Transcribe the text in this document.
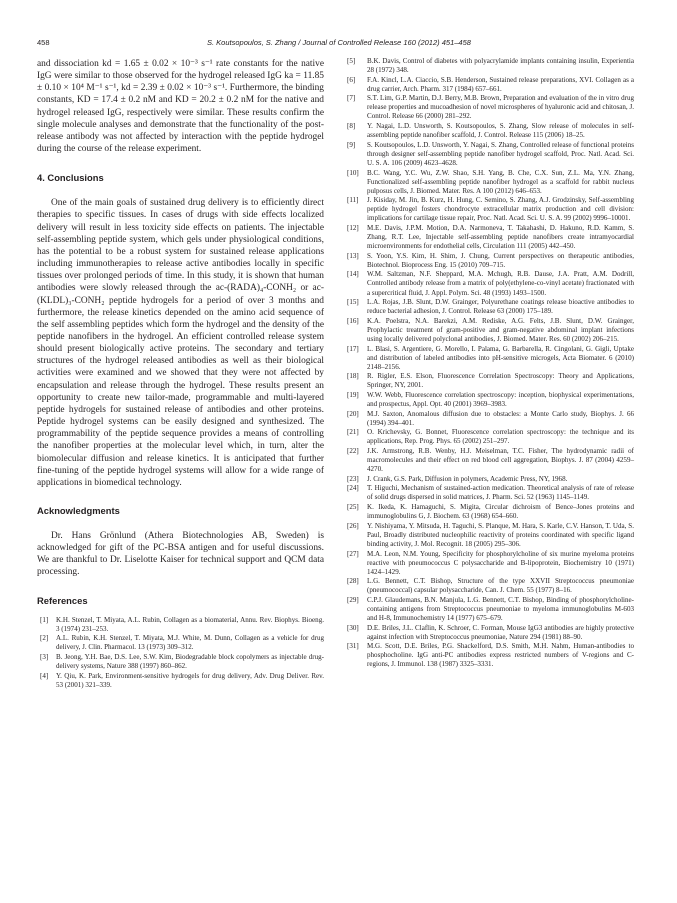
458	S. Koutsopoulos, S. Zhang / Journal of Controlled Release 160 (2012) 451–458

and dissociation kd = 1.65 ± 0.02 × 10⁻³ s⁻¹ rate constants for the native IgG were similar to those observed for the hydrogel released IgG ka = 11.85 ± 0.10 × 10⁴ M⁻¹ s⁻¹, kd = 2.39 ± 0.02 × 10⁻³ s⁻¹. Furthermore, the binding constants, KD = 17.4 ± 0.2 nM and KD = 20.2 ± 0.2 nM for the native and hydrogel released IgG, respectively were similar. These results confirm the single molecule analyses and demonstrate that the functionality of the post-release antibody was not affected by interaction with the peptide hydrogel during the course of the release experiment.

4. Conclusions

One of the main goals of sustained drug delivery is to efficiently direct therapies to specific tissues. In cases of drugs with side effects localized delivery will result in less toxicity side effects on patients. The injectable self-assembling peptide system, which gels under physiological conditions, has the potential to be a robust system for sustained release applications including immunotherapies to release active antibodies locally in specific tissues over prolonged periods of time. In this study, it is shown that human antibodies were slowly released through the ac-(RADA)₄-CONH₂ or ac-(KLDL)₃-CONH₂ peptide hydrogels for a period of over 3 months and furthermore, the release kinetics depended on the amino acid sequence of the self assembling peptides which form the hydrogel and the density of the peptide nanofibers in the hydrogel. An efficient controlled release system should present biologically active proteins. The secondary and tertiary structures of the hydrogel released antibodies as well as their biological activities were examined and we showed that they were not affected by encapsulation and release through the hydrogel. These results present an opportunity to create new tailor-made, programmable and multi-layered peptide hydrogels for sustained release of antibodies and other proteins. Peptide hydrogel systems can be easily designed and synthesized. The programmability of the peptide sequence provides a means of controlling the nanofiber properties at the molecular level which, in turn, alter the biomolecular diffusion and release kinetics. It is anticipated that further fine-tuning of the peptide hydrogel systems will allow for a wide range of applications in biomedical technology.

Acknowledgments

Dr. Hans Grönlund (Athera Biotechnologies AB, Sweden) is acknowledged for gift of the PC-BSA antigen and for useful discussions. We are thankful to Dr. Liselotte Kaiser for technical support and QCM data processing.

References
[1] K.H. Stenzel, T. Miyata, A.L. Rubin, Collagen as a biomaterial, Annu. Rev. Biophys. Bioeng. 3 (1974) 231–253.
[2] A.L. Rubin, K.H. Stenzel, T. Miyata, M.J. White, M. Dunn, Collagen as a vehicle for drug delivery, J. Clin. Pharmacol. 13 (1973) 309–312.
[3] B. Jeong, Y.H. Bae, D.S. Lee, S.W. Kim, Biodegradable block copolymers as injectable drug-delivery systems, Nature 388 (1997) 860–862.
[4] Y. Qiu, K. Park, Environment-sensitive hydrogels for drug delivery, Adv. Drug Deliver. Rev. 53 (2001) 321–339.
[5] B.K. Davis, Control of diabetes with polyacrylamide implants containing insulin, Experientia 28 (1972) 348.
[6] F.A. Kincl, L.A. Ciaccio, S.B. Henderson, Sustained release preparations, XVI. Collagen as a drug carrier, Arch. Pharm. 317 (1984) 657–661.
[7] S.T. Lim, G.P. Martin, D.J. Berry, M.B. Brown, Preparation and evaluation of the in vitro drug release properties and mucoadhesion of novel microspheres of hyaluronic acid and chitosan, J. Control. Release 66 (2000) 281–292.
[8] Y. Nagai, L.D. Unsworth, S. Koutsopoulos, S. Zhang, Slow release of molecules in self-assembling peptide nanofiber scaffold, J. Control. Release 115 (2006) 18–25.
[9] S. Koutsopoulos, L.D. Unsworth, Y. Nagai, S. Zhang, Controlled release of functional proteins through designer self-assembling peptide nanofiber hydrogel scaffold, Proc. Natl. Acad. Sci. U. S. A. 106 (2009) 4623–4628.
[10] B.C. Wang, Y.C. Wu, Z.W. Shao, S.H. Yang, B. Che, C.X. Sun, Z.L. Ma, Y.N. Zhang, Functionalized self-assembling peptide nanofiber hydrogel as a scaffold for rabbit nucleus pulposus cells, J. Biomed. Mater. Res. A 100 (2012) 646–653.
[11] J. Kisiday, M. Jin, B. Kurz, H. Hung, C. Semino, S. Zhang, A.J. Grodzinsky, Self-assembling peptide hydrogel fosters chondrocyte extracellular matrix production and cell division: implications for cartilage tissue repair, Proc. Natl. Acad. Sci. U. S. A. 99 (2002) 9996–10001.
[12] M.E. Davis, J.P.M. Motion, D.A. Narmoneva, T. Takahashi, D. Hakuno, R.D. Kamm, S. Zhang, R.T. Lee, Injectable self-assembling peptide nanofibers create intramyocardial microenvironments for endothelial cells, Circulation 111 (2005) 442–450.
[13] S. Yoon, Y.S. Kim, H. Shim, J. Chung, Current perspectives on therapeutic antibodies, Biotechnol. Bioprocess Eng. 15 (2010) 709–715.
[14] W.M. Saltzman, N.F. Sheppard, M.A. Mchugh, R.B. Dause, J.A. Pratt, A.M. Dodrill, Controlled antibody release from a matrix of poly(ethylene-co-vinyl acetate) fractionated with a supercritical fluid, J. Appl. Polym. Sci. 48 (1993) 1493–1500.
[15] L.A. Rojas, J.B. Slunt, D.W. Grainger, Polyurethane coatings release bioactive antibodies to reduce bacterial adhesion, J. Control. Release 63 (2000) 175–189.
[16] K.A. Poelstra, N.A. Barekzi, A.M. Rediske, A.G. Felts, J.B. Slunt, D.W. Grainger, Prophylactic treatment of gram-positive and gram-negative abdominal implant infections using locally delivered polyclonal antibodies, J. Biomed. Mater. Res. 60 (2002) 206–215.
[17] L. Blasi, S. Argentiere, G. Morello, I. Palama, G. Barbarella, R. Cingolani, G. Gigli, Uptake and distribution of labeled antibodies into pH-sensitive microgels, Acta Biomater. 6 (2010) 2148–2156.
[18] R. Rigler, E.S. Elson, Fluorescence Correlation Spectroscopy: Theory and Applications, Springer, NY, 2001.
[19] W.W. Webb, Fluorescence correlation spectroscopy: inception, biophysical experimentations, and prospectus, Appl. Opt. 40 (2001) 3969–3983.
[20] M.J. Saxton, Anomalous diffusion due to obstacles: a Monte Carlo study, Biophys. J. 66 (1994) 394–401.
[21] O. Krichevsky, G. Bonnet, Fluorescence correlation spectroscopy: the technique and its applications, Rep. Prog. Phys. 65 (2002) 251–297.
[22] J.K. Armstrong, R.B. Wenby, H.J. Meiselman, T.C. Fisher, The hydrodynamic radii of macromolecules and their effect on red blood cell aggregation, Biophys. J. 87 (2004) 4259–4270.
[23] J. Crank, G.S. Park, Diffusion in polymers, Academic Press, NY, 1968.
[24] T. Higuchi, Mechanism of sustained-action medication. Theoretical analysis of rate of release of solid drugs dispersed in solid matrices, J. Pharm. Sci. 52 (1963) 1145–1149.
[25] K. Ikeda, K. Hamaguchi, S. Migita, Circular dichroism of Bence–Jones proteins and immunoglobulins G, J. Biochem. 63 (1968) 654–660.
[26] Y. Nishiyama, Y. Mitsuda, H. Taguchi, S. Planque, M. Hara, S. Karle, C.V. Hanson, T. Uda, S. Paul, Broadly distributed nucleophilic reactivity of proteins coordinated with specific ligand binding activity, J. Mol. Recognit. 18 (2005) 295–306.
[27] M.A. Leon, N.M. Young, Specificity for phosphorylcholine of six murine myeloma proteins reactive with pneumococcus C polysaccharide and B-lipoprotein, Biochemistry 10 (1971) 1424–1429.
[28] L.G. Bennett, C.T. Bishop, Structure of the type XXVII Streptococcus pneumoniae (pneumococcal) capsular polysaccharide, Can. J. Chem. 55 (1977) 8–16.
[29] C.P.J. Glaudemans, B.N. Manjula, L.G. Bennett, C.T. Bishop, Binding of phosphorylcholine-containing antigens from Streptococcus pneumoniae to myeloma immunoglobulins M-603 and H-8, Immunochemistry 14 (1977) 675–679.
[30] D.E. Briles, J.L. Claflin, K. Schroer, C. Forman, Mouse IgG3 antibodies are highly protective against infection with Streptococcus pneumoniae, Nature 294 (1981) 88–90.
[31] M.G. Scott, D.E. Briles, P.G. Shackelford, D.S. Smith, M.H. Nahm, Human-antibodies to phosphocholine. IgG anti-PC antibodies express restricted numbers of V-regions and C-regions, J. Immunol. 138 (1987) 3325–3331.
